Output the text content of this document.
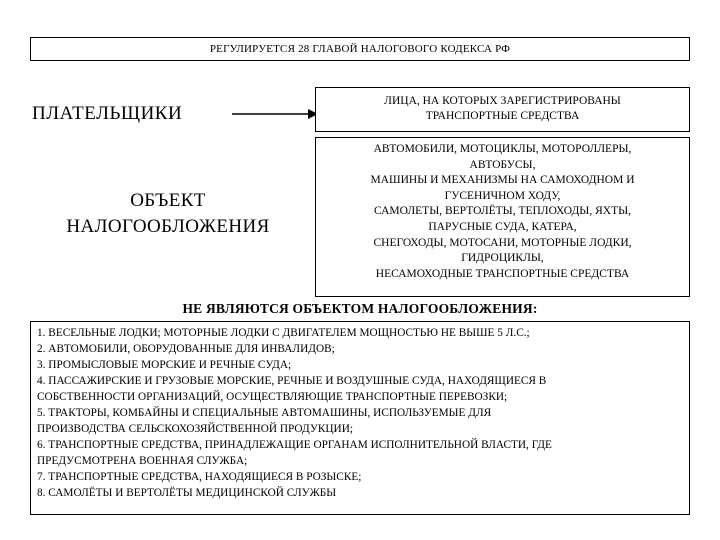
РЕГУЛИРУЕТСЯ 28 ГЛАВОЙ НАЛОГОВОГО КОДЕКСА РФ
ПЛАТЕЛЬЩИКИ
ЛИЦА, НА КОТОРЫХ ЗАРЕГИСТРИРОВАНЫ
ТРАНСПОРТНЫЕ СРЕДСТВА
ОБЪЕКТ
НАЛОГООБЛОЖЕНИЯ
АВТОМОБИЛИ, МОТОЦИКЛЫ, МОТОРОЛЛЕРЫ,
АВТОБУСЫ,
МАШИНЫ И МЕХАНИЗМЫ НА САМОХОДНОМ И
ГУСЕНИЧНОМ ХОДУ,
САМОЛЕТЫ, ВЕРТОЛЁТЫ, ТЕПЛОХОДЫ, ЯХТЫ,
ПАРУСНЫЕ СУДА, КАТЕРА,
СНЕГОХОДЫ, МОТОСАНИ, МОТОРНЫЕ ЛОДКИ,
ГИДРОЦИКЛЫ,
НЕСАМОХОДНЫЕ ТРАНСПОРТНЫЕ СРЕДСТВА
НЕ ЯВЛЯЮТСЯ ОБЪЕКТОМ НАЛОГООБЛОЖЕНИЯ:
1. ВЕСЕЛЬНЫЕ ЛОДКИ; МОТОРНЫЕ ЛОДКИ С ДВИГАТЕЛЕМ МОЩНОСТЬЮ НЕ ВЫШЕ 5 Л.С.;
2. АВТОМОБИЛИ, ОБОРУДОВАННЫЕ ДЛЯ ИНВАЛИДОВ;
3. ПРОМЫСЛОВЫЕ МОРСКИЕ И РЕЧНЫЕ СУДА;
4. ПАССАЖИРСКИЕ И ГРУЗОВЫЕ МОРСКИЕ, РЕЧНЫЕ И ВОЗДУШНЫЕ СУДА, НАХОДЯЩИЕСЯ В
СОБСТВЕННОСТИ ОРГАНИЗАЦИЙ, ОСУЩЕСТВЛЯЮЩИЕ ТРАНСПОРТНЫЕ ПЕРЕВОЗКИ;
5. ТРАКТОРЫ, КОМБАЙНЫ И СПЕЦИАЛЬНЫЕ АВТОМАШИНЫ, ИСПОЛЬЗУЕМЫЕ ДЛЯ
ПРОИЗВОДСТВА СЕЛЬСКОХОЗЯЙСТВЕННОЙ ПРОДУКЦИИ;
6. ТРАНСПОРТНЫЕ СРЕДСТВА, ПРИНАДЛЕЖАЩИЕ ОРГАНАМ ИСПОЛНИТЕЛЬНОЙ ВЛАСТИ, ГДЕ
ПРЕДУСМОТРЕНА ВОЕННАЯ СЛУЖБА;
7. ТРАНСПОРТНЫЕ СРЕДСТВА, НАХОДЯЩИЕСЯ В РОЗЫСКЕ;
8. САМОЛЁТЫ И ВЕРТОЛЁТЫ МЕДИЦИНСКОЙ СЛУЖБЫ
